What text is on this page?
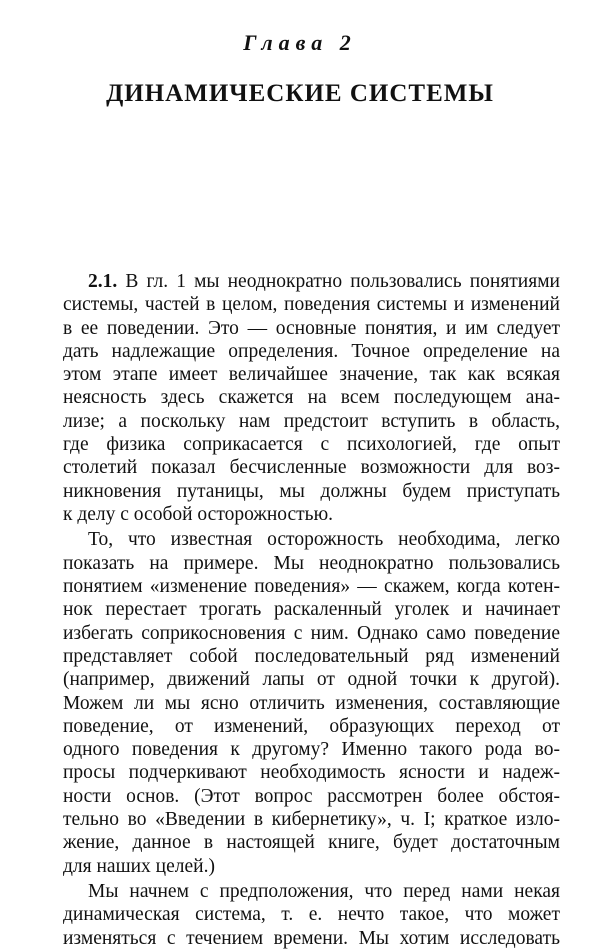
Глава 2
ДИНАМИЧЕСКИЕ СИСТЕМЫ
2.1. В гл. 1 мы неоднократно пользовались понятиями
системы, частей в целом, поведения системы и изменений
в ее поведении. Это — основные понятия, и им следует
дать надлежащие определения. Точное определение на
этом этапе имеет величайшее значение, так как всякая
неясность здесь скажется на всем последующем ана-
лизе; а поскольку нам предстоит вступить в область,
где физика соприкасается с психологией, где опыт
столетий показал бесчисленные возможности для воз-
никновения путаницы, мы должны будем приступать
к делу с особой осторожностью.
То, что известная осторожность необходима, легко
показать на примере. Мы неоднократно пользовались
понятием «изменение поведения» — скажем, когда котен-
нок перестает трогать раскаленный уголек и начинает
избегать соприкосновения с ним. Однако само поведение
представляет собой последовательный ряд изменений
(например, движений лапы от одной точки к другой).
Можем ли мы ясно отличить изменения, составляющие
поведение, от изменений, образующих переход от
одного поведения к другому? Именно такого рода во-
просы подчеркивают необходимость ясности и надеж-
ности основ. (Этот вопрос рассмотрен более обстоя-
тельно во «Введении в кибернетику», ч. I; краткое изло-
жение, данное в настоящей книге, будет достаточным
для наших целей.)
Мы начнем с предположения, что перед нами некая
динамическая система, т. е. нечто такое, что может
изменяться с течением времени. Мы хотим исследовать
